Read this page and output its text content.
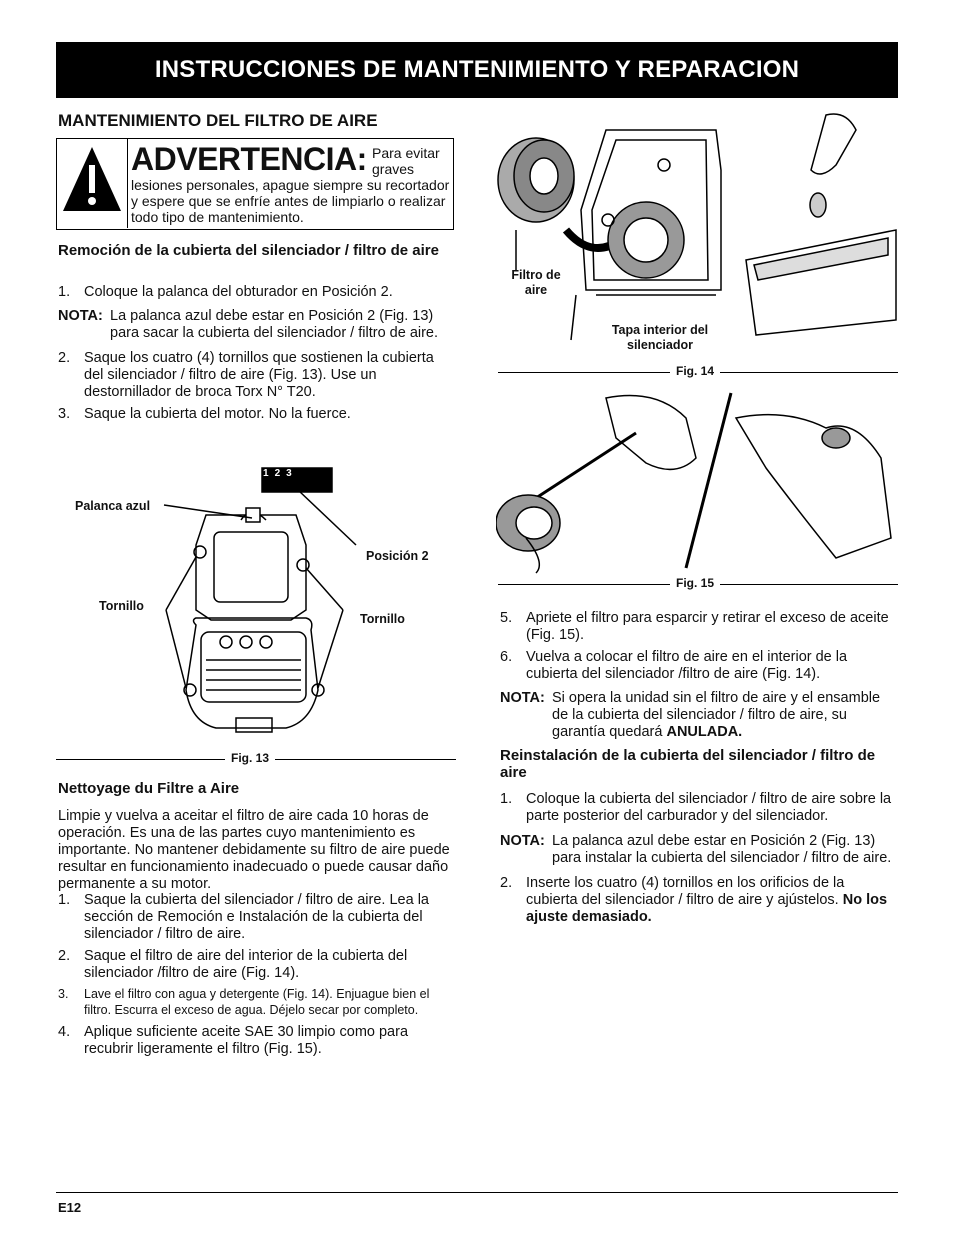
INSTRUCCIONES DE MANTENIMIENTO Y REPARACION
MANTENIMIENTO DEL FILTRO DE AIRE
ADVERTENCIA: Para evitar graves
lesiones personales, apague siempre su recortador y espere que se enfríe antes de limpiarlo o realizar todo tipo de mantenimiento.
Remoción de la cubierta del silenciador / filtro de aire
1. Coloque la palanca del obturador en Posición 2.
NOTA: La palanca azul debe estar en Posición 2 (Fig. 13) para sacar la cubierta del silenciador / filtro de aire.
2. Saque los cuatro (4) tornillos que sostienen la cubierta del silenciador / filtro de aire (Fig. 13). Use un destornillador de broca Torx N° T20.
3. Saque la cubierta del motor. No la fuerce.
1 2 3
Palanca azul
Posición 2
Tornillo
Tornillo
Fig. 13
Nettoyage du Filtre a Aire
Limpie y vuelva a aceitar el filtro de aire cada 10 horas de operación. Es una de las partes cuyo mantenimiento es importante. No mantener debidamente su filtro de aire puede resultar en funcionamiento inadecuado o puede causar daño permanente a su motor.
1. Saque la cubierta del silenciador / filtro de aire. Lea la sección de Remoción e Instalación de la cubierta del silenciador / filtro de aire.
2. Saque el filtro de aire del interior de la cubierta del silenciador /filtro de aire (Fig. 14).
3.	Lave el filtro con agua y detergente (Fig. 14). Enjuague bien el filtro. Escurra el exceso de agua. Déjelo secar por completo.
4. Aplique suficiente aceite SAE 30 limpio como para recubrir ligeramente el filtro (Fig. 15).
Filtro de aire
Tapa interior del silenciador
Fig. 14
Fig. 15
5. Apriete el filtro para esparcir y retirar el exceso de aceite (Fig. 15).
6. Vuelva a colocar el filtro de aire en el interior de la cubierta del silenciador /filtro de aire (Fig. 14).
NOTA: Si opera la unidad sin el filtro de aire y el ensamble de la cubierta del silenciador / filtro de aire, su garantía quedará ANULADA.
Reinstalación de la cubierta del silenciador / filtro de aire
1. Coloque la cubierta del silenciador / filtro de aire sobre la parte posterior del carburador y del silenciador.
NOTA: La palanca azul debe estar en Posición 2 (Fig. 13) para instalar la cubierta del silenciador / filtro de aire.
2. Inserte los cuatro (4) tornillos en los orificios de la cubierta del silenciador / filtro de aire y ajústelos. No los ajuste demasiado.
E12
